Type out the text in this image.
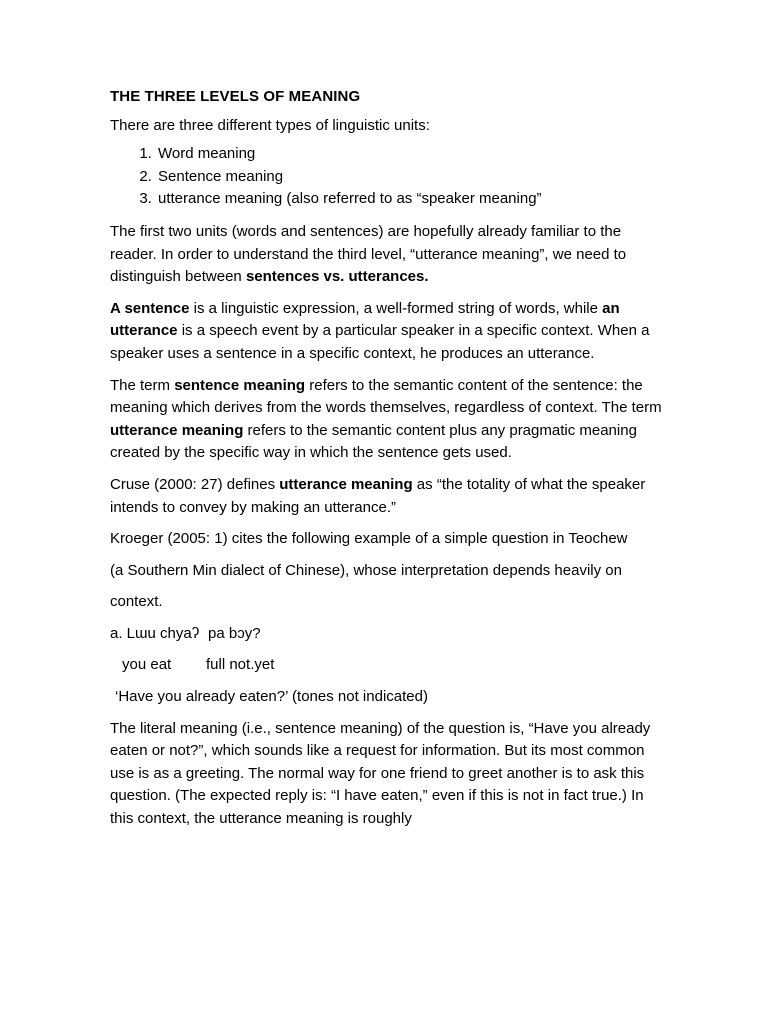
THE THREE LEVELS OF MEANING

There are three different types of linguistic units:

1. Word meaning
2. Sentence meaning
3. utterance meaning (also referred to as “speaker meaning”

The first two units (words and sentences) are hopefully already familiar to the reader. In order to understand the third level, “utterance meaning”, we need to distinguish between sentences vs. utterances.

A sentence is a linguistic expression, a well-formed string of words, while an utterance is a speech event by a particular speaker in a specific context. When a speaker uses a sentence in a specific context, he produces an utterance.

The term sentence meaning refers to the semantic content of the sentence: the meaning which derives from the words themselves, regardless of context. The term utterance meaning refers to the semantic content plus any pragmatic meaning created by the specific way in which the sentence gets used.

Cruse (2000: 27) defines utterance meaning as “the totality of what the speaker intends to convey by making an utterance.”

Kroeger (2005: 1) cites the following example of a simple question in Teochew

(a Southern Min dialect of Chinese), whose interpretation depends heavily on

context.

a. Lɯu chyaʔ pa bɔy?

you eat full not.yet

‘Have you already eaten?’ (tones not indicated)

The literal meaning (i.e., sentence meaning) of the question is, “Have you already eaten or not?”, which sounds like a request for information. But its most common use is as a greeting. The normal way for one friend to greet another is to ask this question. (The expected reply is: “I have eaten,” even if this is not in fact true.) In this context, the utterance meaning is roughly
